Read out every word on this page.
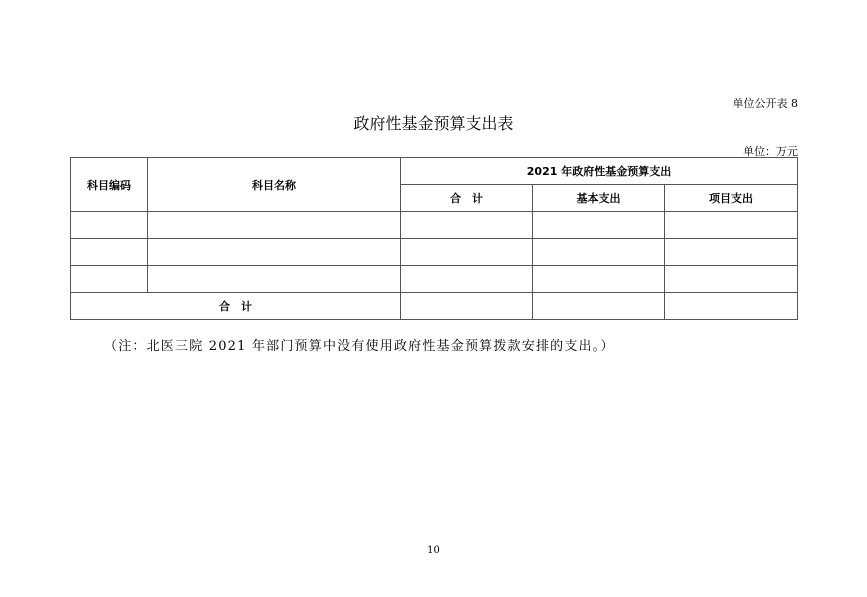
单位公开表 8
政府性基金预算支出表
单位：万元
科目编码	科目名称	2021 年政府性基金预算支出		
		合　计	基本支出	项目支出

合　计				
（注：北医三院 2021 年部门预算中没有使用政府性基金预算拨款安排的支出。）
10
